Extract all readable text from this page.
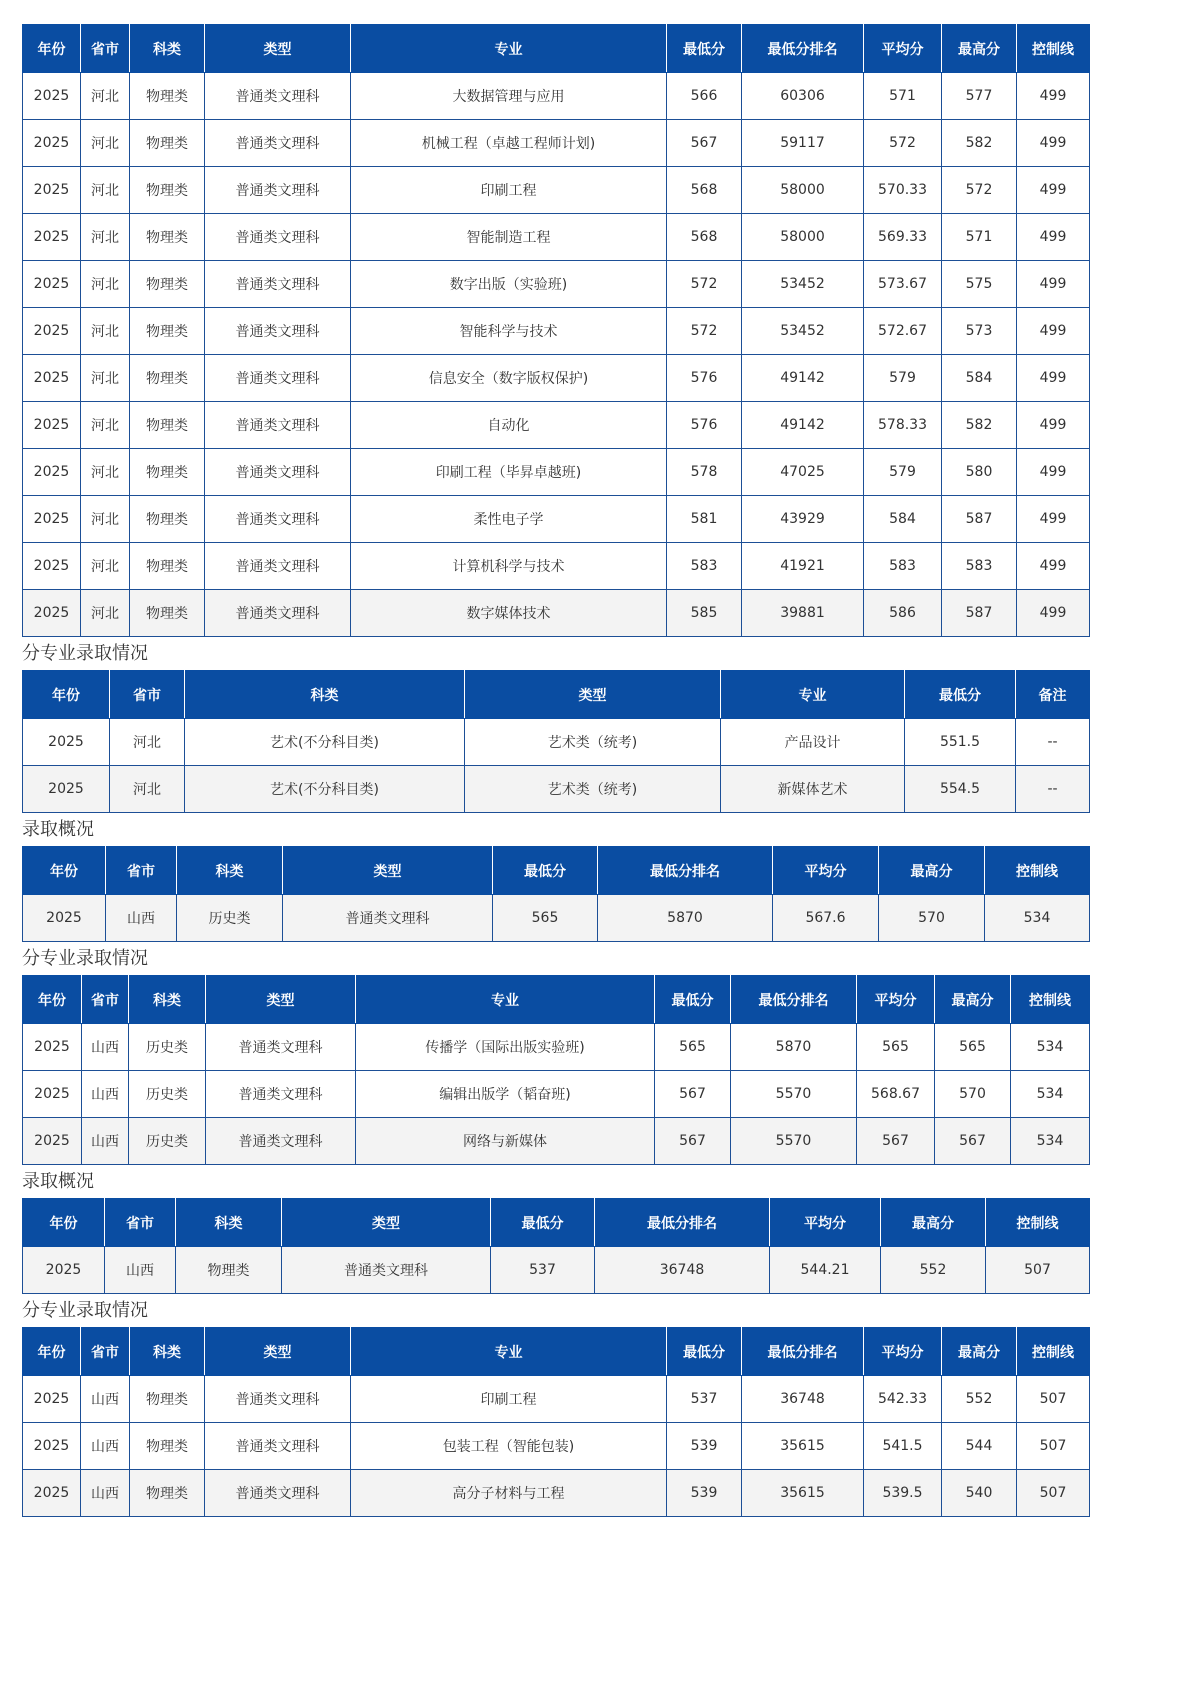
年份	省市	科类	类型	专业	最低分	最低分排名	平均分	最高分	控制线
2025	河北	物理类	普通类文理科	大数据管理与应用	566	60306	571	577	499
2025	河北	物理类	普通类文理科	机械工程（卓越工程师计划)	567	59117	572	582	499
2025	河北	物理类	普通类文理科	印刷工程	568	58000	570.33	572	499
2025	河北	物理类	普通类文理科	智能制造工程	568	58000	569.33	571	499
2025	河北	物理类	普通类文理科	数字出版（实验班)	572	53452	573.67	575	499
2025	河北	物理类	普通类文理科	智能科学与技术	572	53452	572.67	573	499
2025	河北	物理类	普通类文理科	信息安全（数字版权保护)	576	49142	579	584	499
2025	河北	物理类	普通类文理科	自动化	576	49142	578.33	582	499
2025	河北	物理类	普通类文理科	印刷工程（毕昇卓越班)	578	47025	579	580	499
2025	河北	物理类	普通类文理科	柔性电子学	581	43929	584	587	499
2025	河北	物理类	普通类文理科	计算机科学与技术	583	41921	583	583	499
2025	河北	物理类	普通类文理科	数字媒体技术	585	39881	586	587	499
分专业录取情况
年份	省市	科类	类型	专业	最低分	备注
2025	河北	艺术(不分科目类)	艺术类（统考)	产品设计	551.5	--
2025	河北	艺术(不分科目类)	艺术类（统考)	新媒体艺术	554.5	--
录取概况
年份	省市	科类	类型	最低分	最低分排名	平均分	最高分	控制线
2025	山西	历史类	普通类文理科	565	5870	567.6	570	534
分专业录取情况
年份	省市	科类	类型	专业	最低分	最低分排名	平均分	最高分	控制线
2025	山西	历史类	普通类文理科	传播学（国际出版实验班)	565	5870	565	565	534
2025	山西	历史类	普通类文理科	编辑出版学（韬奋班)	567	5570	568.67	570	534
2025	山西	历史类	普通类文理科	网络与新媒体	567	5570	567	567	534
录取概况
年份	省市	科类	类型	最低分	最低分排名	平均分	最高分	控制线
2025	山西	物理类	普通类文理科	537	36748	544.21	552	507
分专业录取情况
年份	省市	科类	类型	专业	最低分	最低分排名	平均分	最高分	控制线
2025	山西	物理类	普通类文理科	印刷工程	537	36748	542.33	552	507
2025	山西	物理类	普通类文理科	包装工程（智能包装)	539	35615	541.5	544	507
2025	山西	物理类	普通类文理科	高分子材料与工程	539	35615	539.5	540	507
